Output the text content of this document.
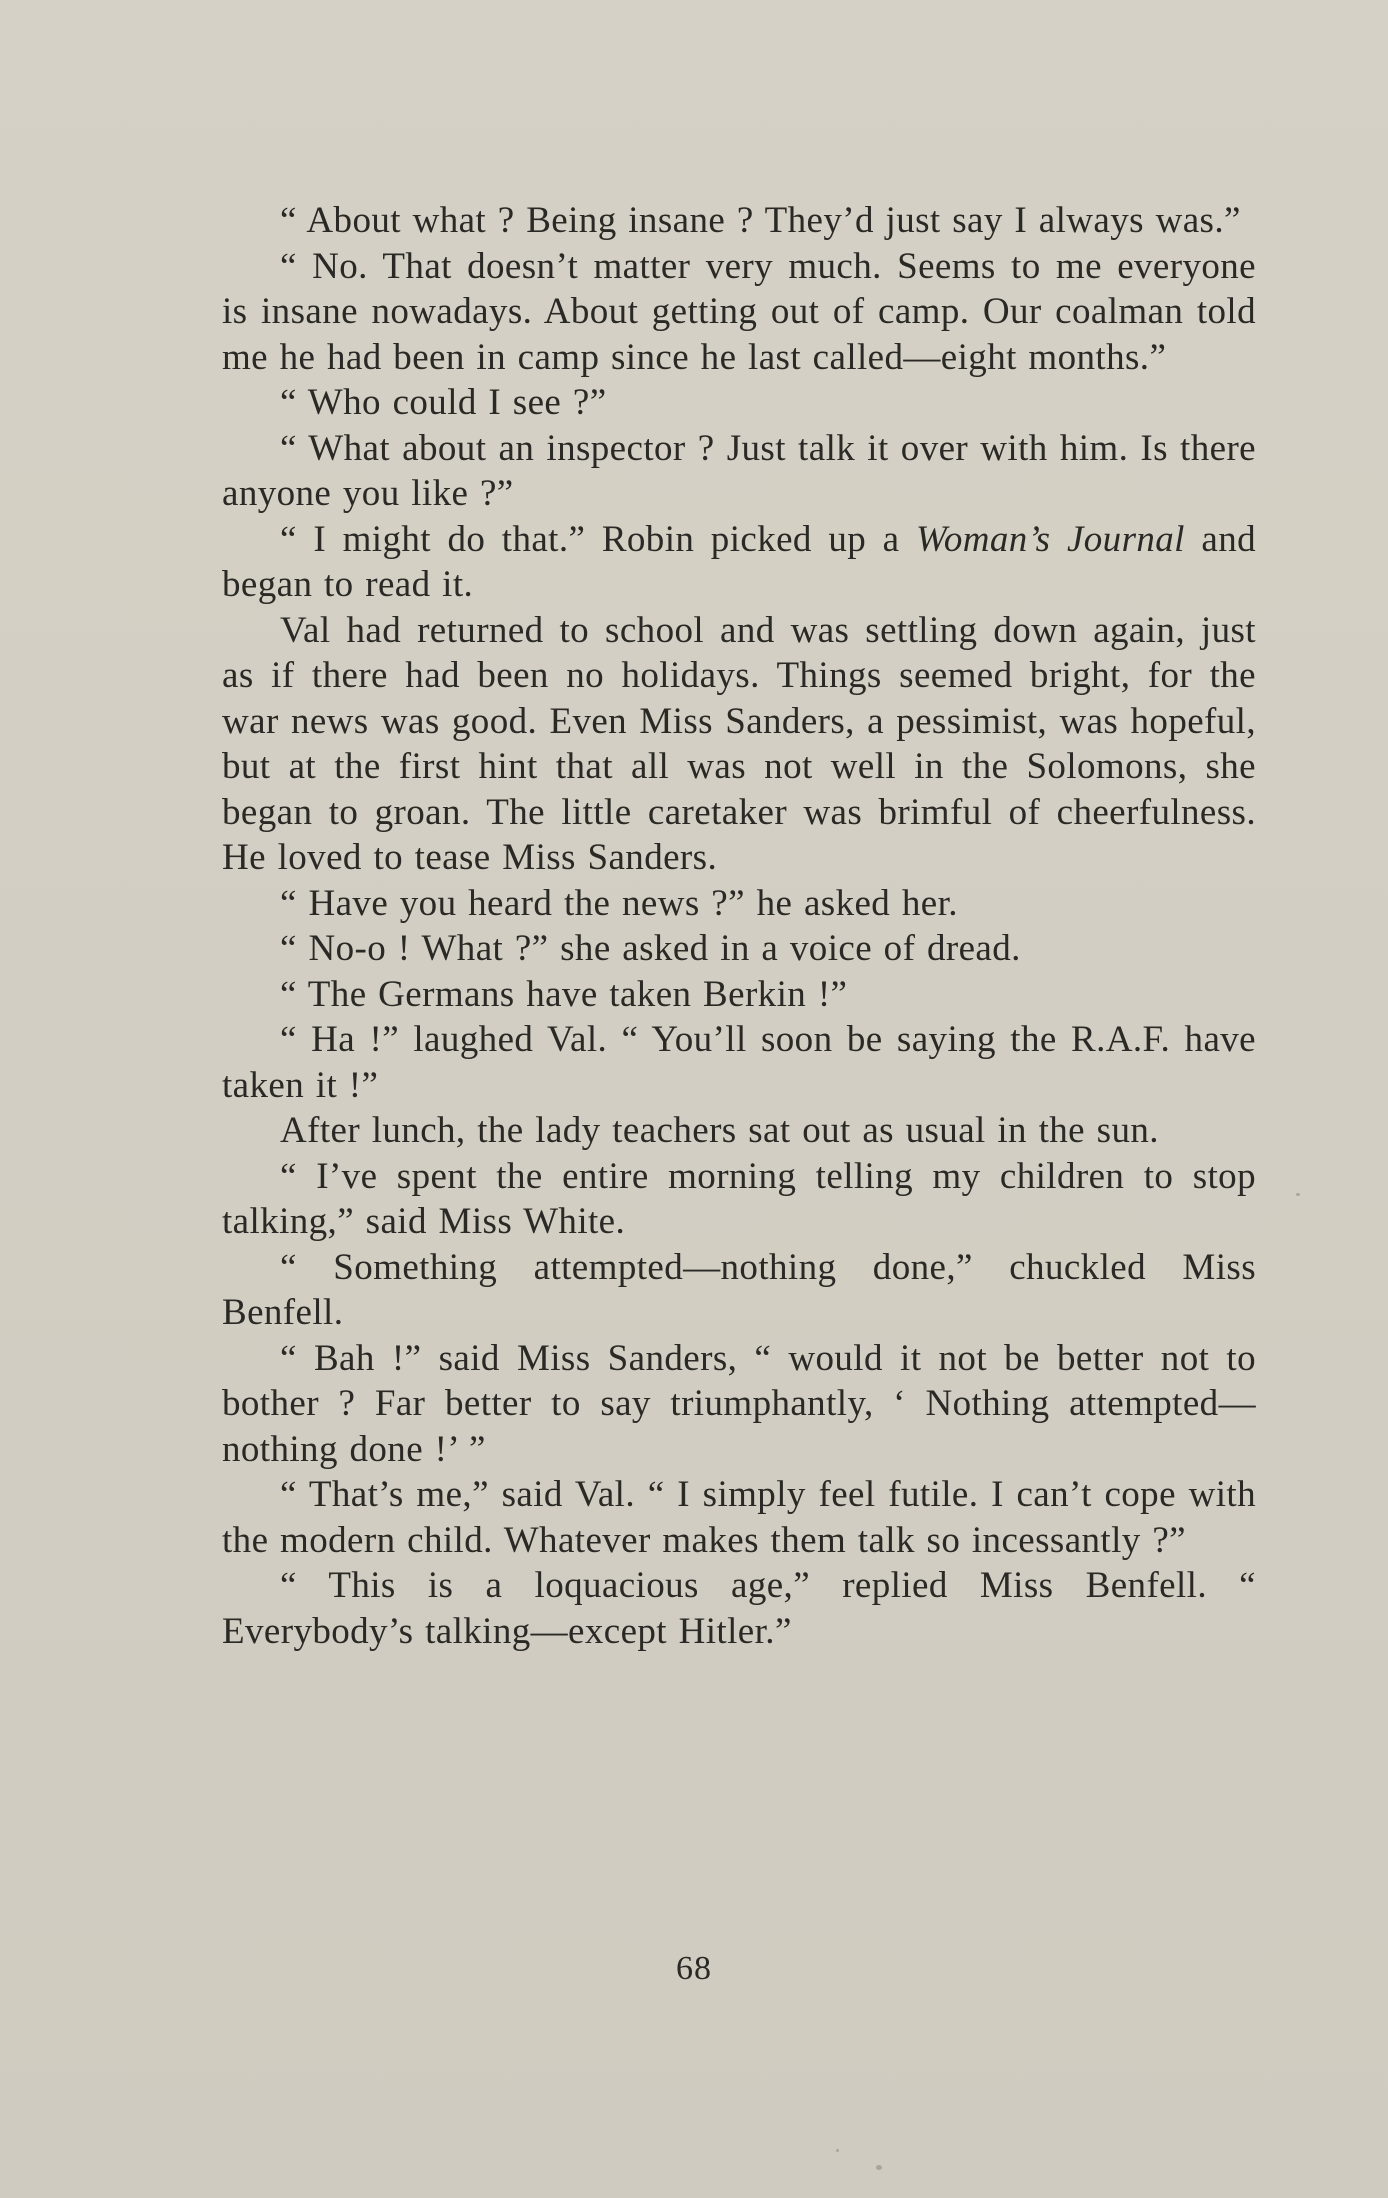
“ About what ? Being insane ? They’d just say I always was.”

“ No. That doesn’t matter very much. Seems to me everyone is insane nowadays. About getting out of camp. Our coalman told me he had been in camp since he last called—eight months.”

“ Who could I see ?”

“ What about an inspector ? Just talk it over with him. Is there anyone you like ?”

“ I might do that.” Robin picked up a Woman’s Journal and began to read it.

Val had returned to school and was settling down again, just as if there had been no holidays. Things seemed bright, for the war news was good. Even Miss Sanders, a pessimist, was hopeful, but at the first hint that all was not well in the Solomons, she began to groan. The little caretaker was brimful of cheerfulness. He loved to tease Miss Sanders.

“ Have you heard the news ?” he asked her.

“ No-o ! What ?” she asked in a voice of dread.

“ The Germans have taken Berkin !”

“ Ha !” laughed Val. “ You’ll soon be saying the R.A.F. have taken it !”

After lunch, the lady teachers sat out as usual in the sun.

“ I’ve spent the entire morning telling my children to stop talking,” said Miss White.

“ Something attempted—nothing done,” chuckled Miss Benfell.

“ Bah !” said Miss Sanders, “ would it not be better not to bother ? Far better to say triumphantly, ‘ Nothing attempted—nothing done !’ ”

“ That’s me,” said Val. “ I simply feel futile. I can’t cope with the modern child. Whatever makes them talk so incessantly ?”

“ This is a loquacious age,” replied Miss Benfell. “ Everybody’s talking—except Hitler.”

68
